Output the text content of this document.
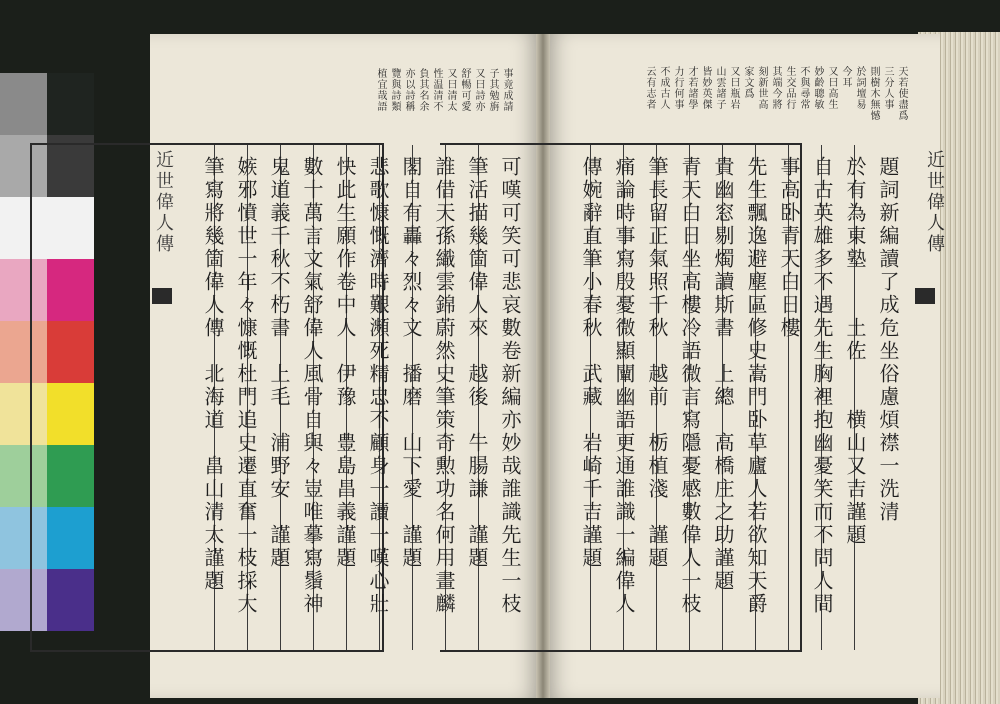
近世偉人傳
天若使盡爲
三分人事
則樹木無憾
於詞壇易
今耳
又曰高生
妙齡聰敏
不與尋常
生交品行
其端今將
刻新世高
家文爲
又曰瓶岩
山雲諸子
皆妙英傑
才若諸學
力行何事
不成古人
云有志者
題詞新編讀了成危坐俗慮煩襟一洗清
於有為東塾　　土佐　　横山又吉謹題
自古英雄多不遇先生胸裡抱幽憂笑而不問人間
事高卧青天白日樓
先生飄逸避塵區修史嵩門卧草廬人若欲知天爵
貴幽窓剔燭讀斯書　上總　高橋庄之助謹題
青天白日坐高樓冷語微言寫隱憂感數偉人一枝
筆長留正氣照千秋　越前　栃植淺　謹題
痛論時事寫殷憂微顯闡幽語更通誰識一編偉人
傳婉辭直筆小春秋　武藏　岩崎千吉謹題
近世偉人傳
事竟成請
子其勉旃
又曰詩亦
舒暢可愛
又曰清太
性温清不
負其名余
亦以詩稱
覽與詩類
植宜哉語
可嘆可笑可悲哀數卷新編亦妙哉誰識先生一枝
筆活描幾箇偉人來　越後　牛腸謙　謹題
誰借天孫織雲錦蔚然史筆策奇勲功名何用畫麟
閣自有轟々烈々文　播磨　山下愛　謹題
悲歌慷慨濟時艱瀕死精忠不顧身一讀一嘆心壯
快此生願作卷中人　伊豫　豊島昌義謹題
數十萬言文氣舒偉人風骨自與々豈唯摹寫鬚神
鬼道義千秋不朽書　上毛　浦野安　謹題
嫉邪憤世一年々慷慨杜門追史遷直奮一枝採大
筆寫將幾箇偉人傳　北海道　畠山清太謹題
